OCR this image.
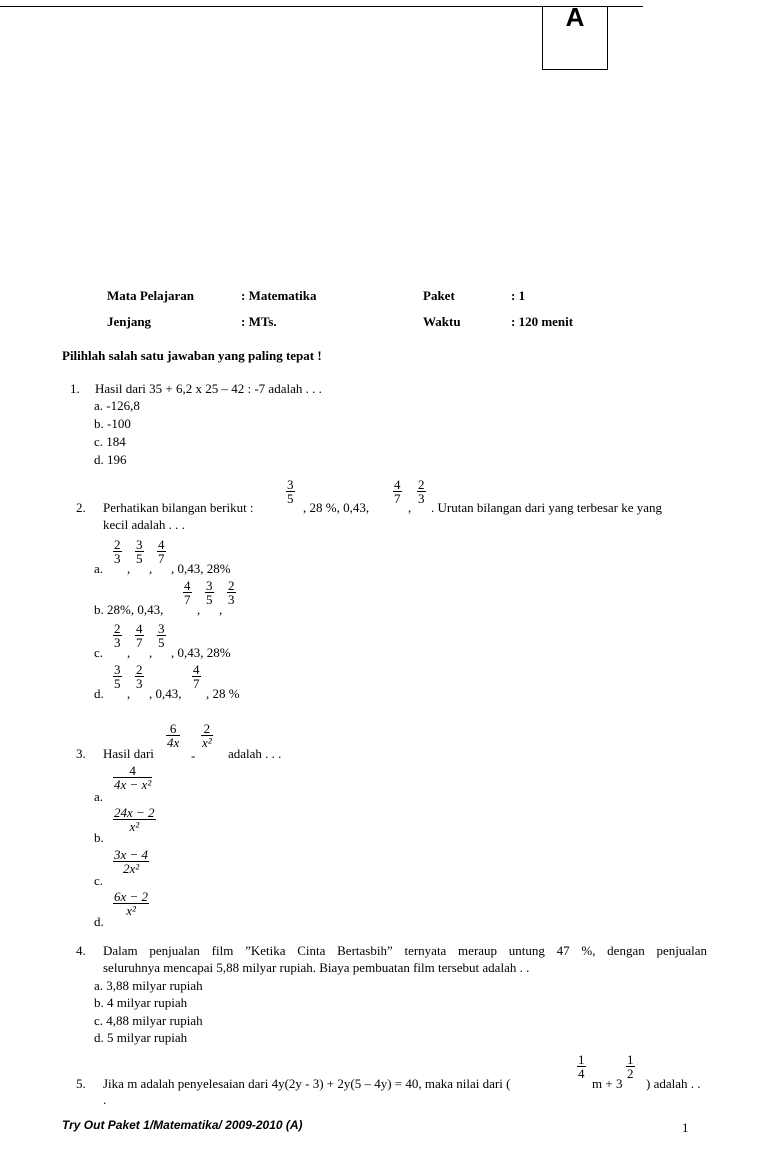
A
Mata Pelajaran	: Matematika	Paket	: 1
Jenjang	: MTs.	Waktu	: 120 menit
Pilihlah salah satu jawaban yang paling tepat !
1. Hasil dari 35 + 6,2 x 25 – 42 : -7 adalah . . .
a. -126,8
b. -100
c. 184
d. 196
2. Perhatikan bilangan berikut :
$\frac{3}{5}$
, 28 %, 0,43,
$\frac{4}{7}$
,
$\frac{2}{3}$
. Urutan bilangan dari yang terbesar ke yang
kecil adalah . . .
a.
$\frac{2}{3}$
,
$\frac{3}{5}$
,
$\frac{4}{7}$
, 0,43, 28%
b. 28%, 0,43,
$\frac{4}{7}$
,
$\frac{3}{5}$
,
$\frac{2}{3}$
c.
$\frac{2}{3}$
,
$\frac{4}{7}$
,
$\frac{3}{5}$
, 0,43, 28%
d.
$\frac{3}{5}$
,
$\frac{2}{3}$
, 0,43,
$\frac{4}{7}$
, 28 %
3. Hasil dari
$\frac{6}{4x}$
-
$\frac{2}{\text{x²}}$
adalah . . .
a.
$\frac{4}{\text{4x − x²}}$
b.
$\frac{24x - 2}{\text{x²}}$
c.
$\frac{3x - 4}{\text{2x²}}$
d.
$\frac{6x - 2}{\text{x²}}$
4. Dalam penjualan film ”Ketika Cinta Bertasbih” ternyata meraup untung 47 %, dengan penjualan
seluruhnya mencapai 5,88 milyar rupiah. Biaya pembuatan film tersebut adalah . .
a. 3,88 milyar rupiah
b. 4 milyar rupiah
c. 4,88 milyar rupiah
d. 5 milyar rupiah
5. Jika m adalah penyelesaian dari 4y(2y - 3) + 2y(5 – 4y) = 40, maka nilai dari (
$\frac{1}{4}$
m + 3
$\frac{1}{2}$
) adalah . .
.
Try Out Paket 1/Matematika/ 2009-2010 (A)	1
